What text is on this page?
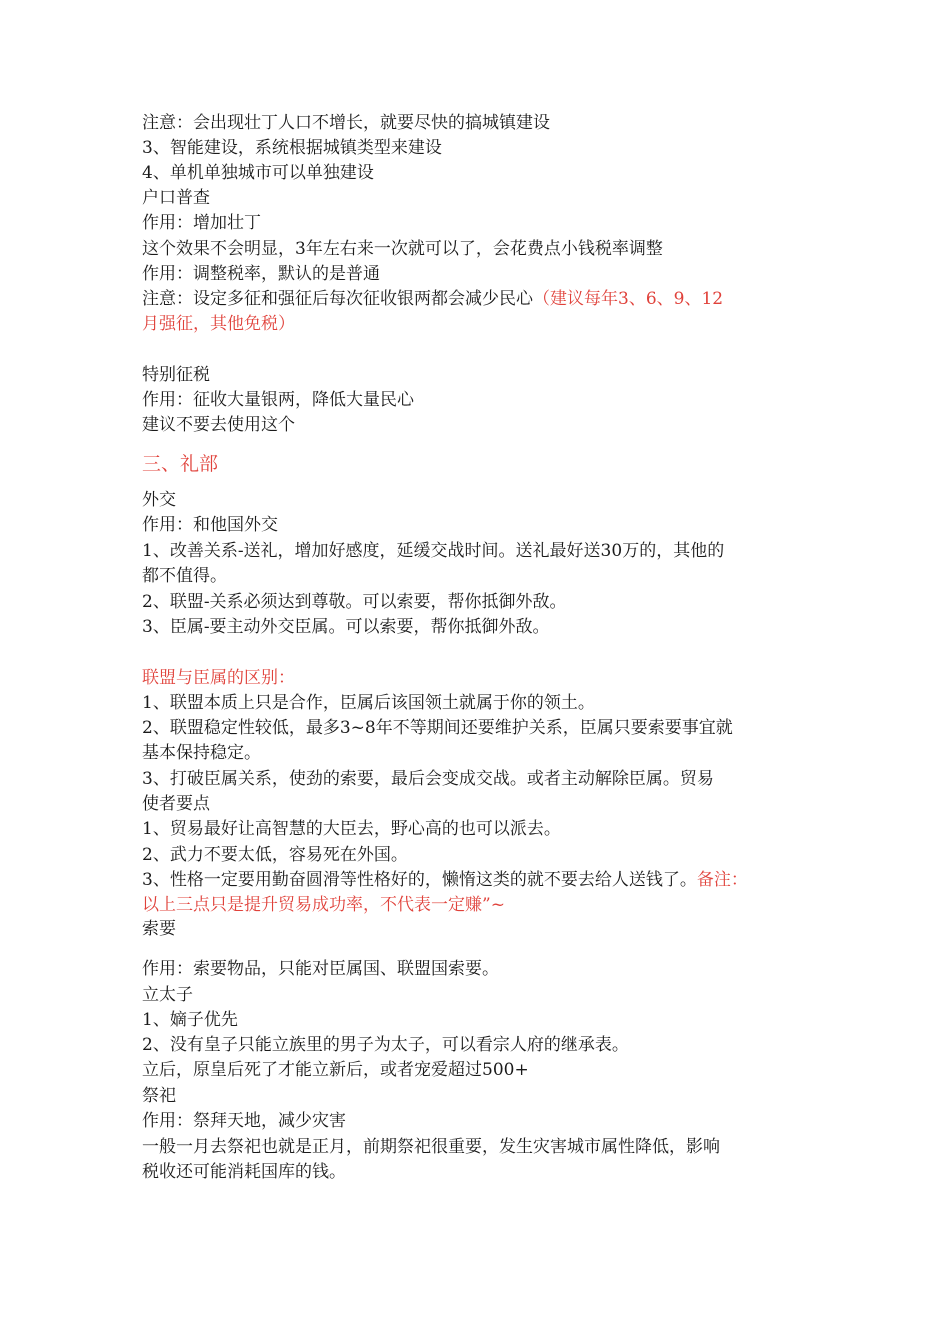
注意：会出现壮丁人口不增长，就要尽快的搞城镇建设
3、智能建设，系统根据城镇类型来建设
4、单机单独城市可以单独建设
户口普查
作用：增加壮丁
这个效果不会明显，3年左右来一次就可以了，会花费点小钱税率调整
作用：调整税率，默认的是普通
注意：设定多征和强征后每次征收银两都会减少民心（建议每年3、6、9、12
月强征，其他免税）
特别征税
作用：征收大量银两，降低大量民心
建议不要去使用这个
三、礼部
外交
作用：和他国外交
1、改善关系-送礼，增加好感度，延缓交战时间。送礼最好送30万的，其他的
都不值得。
2、联盟-关系必须达到尊敬。可以索要，帮你抵御外敌。
3、臣属-要主动外交臣属。可以索要，帮你抵御外敌。
联盟与臣属的区别：
1、联盟本质上只是合作，臣属后该国领土就属于你的领土。
2、联盟稳定性较低，最多3~8年不等期间还要维护关系，臣属只要索要事宜就
基本保持稳定。
3、打破臣属关系，使劲的索要，最后会变成交战。或者主动解除臣属。贸易
使者要点
1、贸易最好让高智慧的大臣去，野心高的也可以派去。
2、武力不要太低，容易死在外国。
3、性格一定要用勤奋圆滑等性格好的，懒惰这类的就不要去给人送钱了。备注：
以上三点只是提升贸易成功率，不代表一定赚”~
索要
作用：索要物品，只能对臣属国、联盟国索要。
立太子
1、嫡子优先
2、没有皇子只能立族里的男子为太子，可以看宗人府的继承表。
立后，原皇后死了才能立新后，或者宠爱超过500+
祭祀
作用：祭拜天地，减少灾害
一般一月去祭祀也就是正月，前期祭祀很重要，发生灾害城市属性降低，影响
税收还可能消耗国库的钱。
